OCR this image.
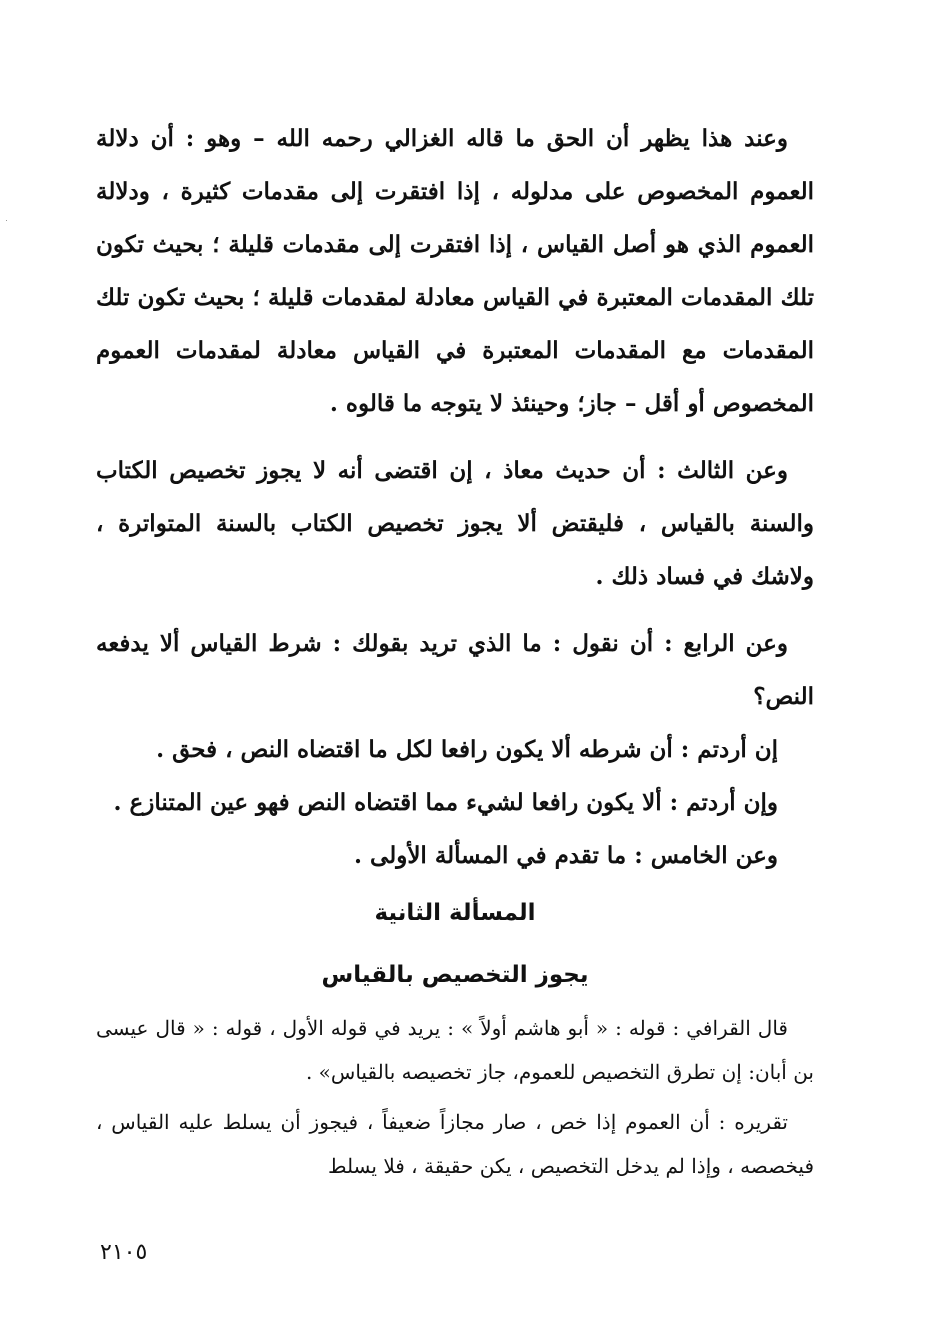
وعند هذا يظهر أن الحق ما قاله الغزالي رحمه الله – وهو : أن دلالة العموم المخصوص على مدلوله ، إذا افتقرت إلى مقدمات كثيرة ، ودلالة العموم الذي هو أصل القياس ، إذا افتقرت إلى مقدمات قليلة ؛ بحيث تكون تلك المقدمات المعتبرة في القياس معادلة لمقدمات قليلة ؛ بحيث تكون تلك المقدمات مع المقدمات المعتبرة في القياس معادلة لمقدمات العموم المخصوص أو أقل – جاز؛ وحينئذ لا يتوجه ما قالوه .

وعن الثالث : أن حديث معاذ ، إن اقتضى أنه لا يجوز تخصيص الكتاب والسنة بالقياس ، فليقتض ألا يجوز تخصيص الكتاب بالسنة المتواترة ، ولاشك في فساد ذلك .

وعن الرابع : أن نقول : ما الذي تريد بقولك : شرط القياس ألا يدفعه النص؟

إن أردتم : أن شرطه ألا يكون رافعا لكل ما اقتضاه النص ، فحق .

وإن أردتم : ألا يكون رافعا لشيء مما اقتضاه النص فهو عين المتنازع .

وعن الخامس : ما تقدم في المسألة الأولى .

المسألة الثانية
يجوز التخصيص بالقياس

قال القرافي : قوله : « أبو هاشم أولاً » : يريد في قوله الأول ، قوله : « قال عيسى بن أبان: إن تطرق التخصيص للعموم، جاز تخصيصه بالقياس» .

تقريره : أن العموم إذا خص ، صار مجازاً ضعيفاً ، فيجوز أن يسلط عليه القياس ، فيخصصه ، وإذا لم يدخل التخصيص ، يكن حقيقة ، فلا يسلط

٢١٠٥
